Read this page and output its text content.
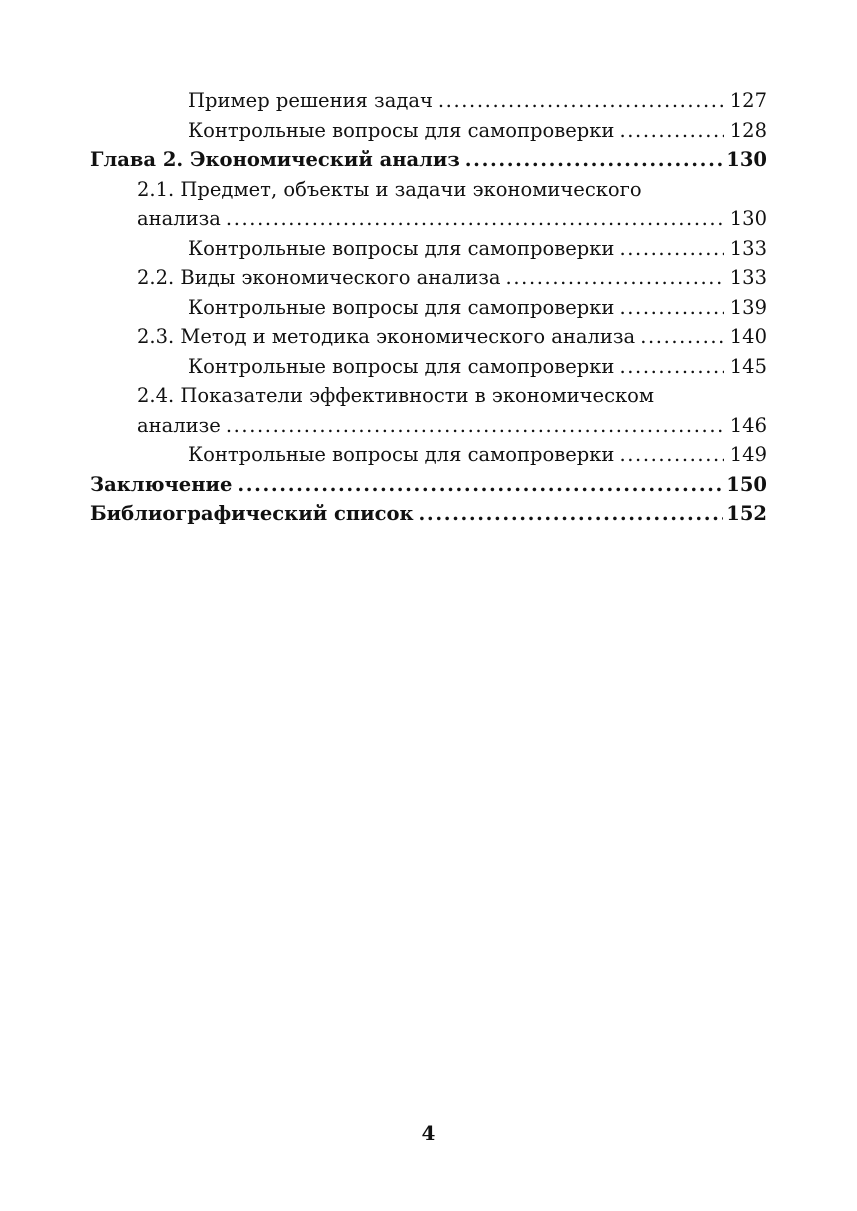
Пример решения задач .....	127
Контрольные вопросы для самопроверки .....	128
Глава 2. Экономический анализ .....	130
2.1. Предмет, объекты и задачи экономического
анализа .....	130
Контрольные вопросы для самопроверки .....	133
2.2. Виды экономического анализа .....	133
Контрольные вопросы для самопроверки .....	139
2.3. Метод и методика экономического анализа .....	140
Контрольные вопросы для самопроверки .....	145
2.4. Показатели эффективности в экономическом
анализе .....	146
Контрольные вопросы для самопроверки .....	149
Заключение .....	150
Библиографический список .....	152
4
